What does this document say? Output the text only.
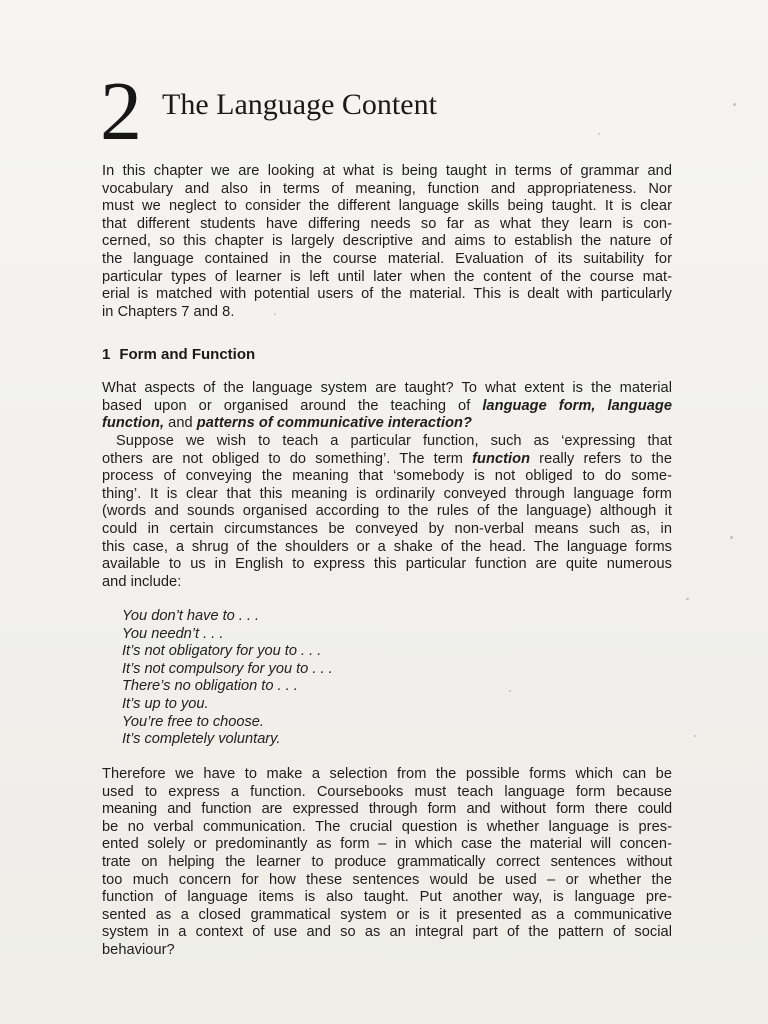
2 The Language Content
In this chapter we are looking at what is being taught in terms of grammar and
vocabulary and also in terms of meaning, function and appropriateness. Nor
must we neglect to consider the different language skills being taught. It is clear
that different students have differing needs so far as what they learn is con-
cerned, so this chapter is largely descriptive and aims to establish the nature of
the language contained in the course material. Evaluation of its suitability for
particular types of learner is left until later when the content of the course mat-
erial is matched with potential users of the material. This is dealt with particularly
in Chapters 7 and 8.
1 Form and Function
What aspects of the language system are taught? To what extent is the material
based upon or organised around the teaching of language form, language
function, and patterns of communicative interaction?
Suppose we wish to teach a particular function, such as ‘expressing that
others are not obliged to do something’. The term function really refers to the
process of conveying the meaning that ‘somebody is not obliged to do some-
thing’. It is clear that this meaning is ordinarily conveyed through language form
(words and sounds organised according to the rules of the language) although it
could in certain circumstances be conveyed by non-verbal means such as, in
this case, a shrug of the shoulders or a shake of the head. The language forms
available to us in English to express this particular function are quite numerous
and include:
You don’t have to . . .
You needn’t . . .
It’s not obligatory for you to . . .
It’s not compulsory for you to . . .
There’s no obligation to . . .
It’s up to you.
You’re free to choose.
It’s completely voluntary.
Therefore we have to make a selection from the possible forms which can be
used to express a function. Coursebooks must teach language form because
meaning and function are expressed through form and without form there could
be no verbal communication. The crucial question is whether language is pres-
ented solely or predominantly as form – in which case the material will concen-
trate on helping the learner to produce grammatically correct sentences without
too much concern for how these sentences would be used – or whether the
function of language items is also taught. Put another way, is language pre-
sented as a closed grammatical system or is it presented as a communicative
system in a context of use and so as an integral part of the pattern of social
behaviour?
